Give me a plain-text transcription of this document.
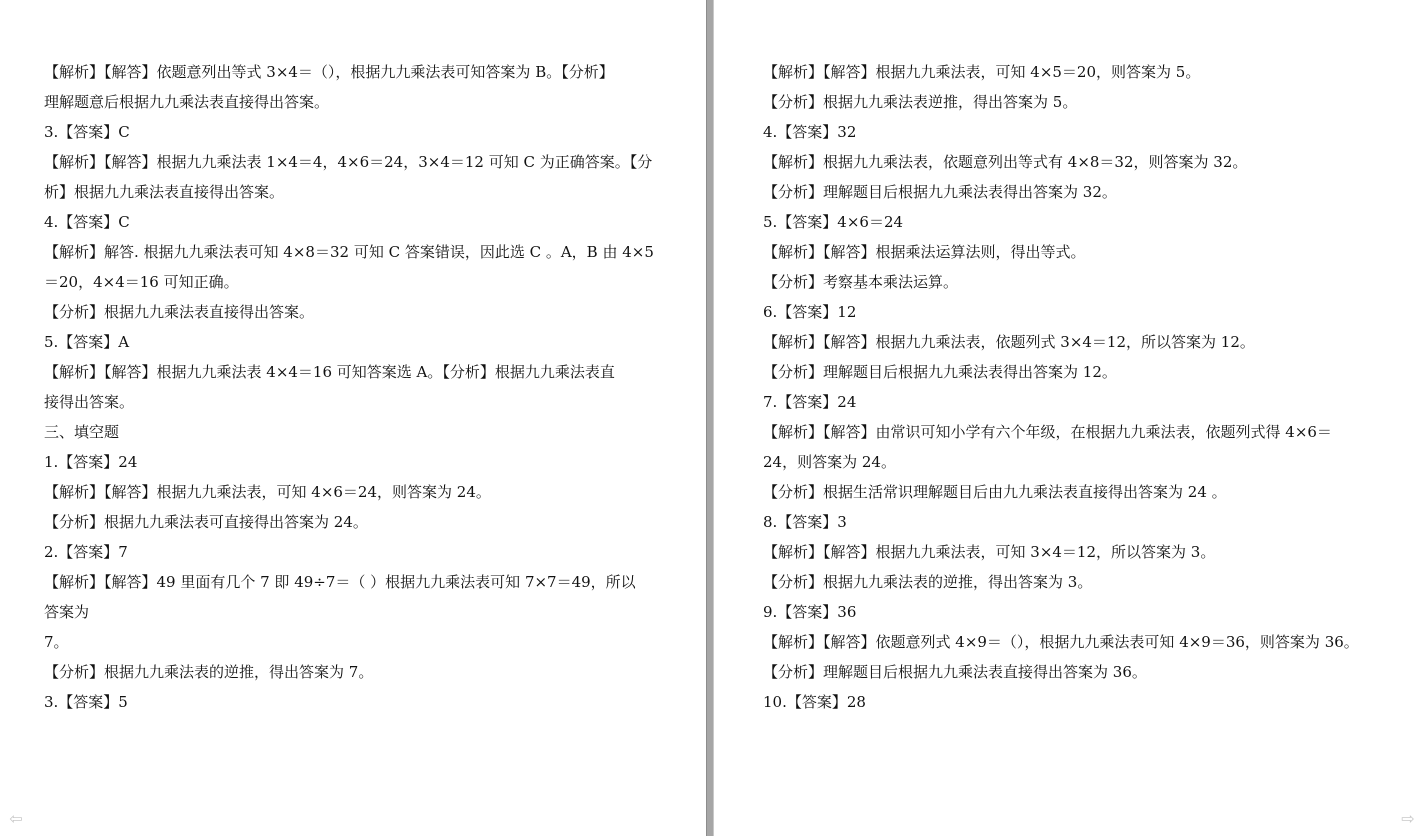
【解析】【解答】依题意列出等式 3×4＝（），根据九九乘法表可知答案为 B。【分析】
理解题意后根据九九乘法表直接得出答案。
3.【答案】C
【解析】【解答】根据九九乘法表 1×4＝4，4×6＝24，3×4＝12 可知 C 为正确答案。【分
析】根据九九乘法表直接得出答案。
4.【答案】C
【解析】解答. 根据九九乘法表可知 4×8＝32 可知 C 答案错误，因此选 C 。A，B 由 4×5
＝20，4×4＝16 可知正确。
【分析】根据九九乘法表直接得出答案。
5.【答案】A
【解析】【解答】根据九九乘法表 4×4＝16 可知答案选 A。【分析】根据九九乘法表直
接得出答案。
三、填空题
1.【答案】24
【解析】【解答】根据九九乘法表，可知 4×6＝24，则答案为 24。
【分析】根据九九乘法表可直接得出答案为 24。
2.【答案】7
【解析】【解答】49 里面有几个 7 即 49÷7＝（ ）根据九九乘法表可知 7×7＝49，所以
答案为
7。
【分析】根据九九乘法表的逆推，得出答案为 7。
3.【答案】5
【解析】【解答】根据九九乘法表，可知 4×5＝20，则答案为 5。
【分析】根据九九乘法表逆推，得出答案为 5。
4.【答案】32
【解析】根据九九乘法表，依题意列出等式有 4×8＝32，则答案为 32。
【分析】理解题目后根据九九乘法表得出答案为 32。
5.【答案】4×6＝24
【解析】【解答】根据乘法运算法则，得出等式。
【分析】考察基本乘法运算。
6.【答案】12
【解析】【解答】根据九九乘法表，依题列式 3×4＝12，所以答案为 12。
【分析】理解题目后根据九九乘法表得出答案为 12。
7.【答案】24
【解析】【解答】由常识可知小学有六个年级，在根据九九乘法表，依题列式得 4×6＝
24，则答案为 24。
【分析】根据生活常识理解题目后由九九乘法表直接得出答案为 24 。
8.【答案】3
【解析】【解答】根据九九乘法表，可知 3×4＝12，所以答案为 3。
【分析】根据九九乘法表的逆推，得出答案为 3。
9.【答案】36
【解析】【解答】依题意列式 4×9＝（），根据九九乘法表可知 4×9＝36，则答案为 36。
【分析】理解题目后根据九九乘法表直接得出答案为 36。
10.【答案】28
⇦	⇨
